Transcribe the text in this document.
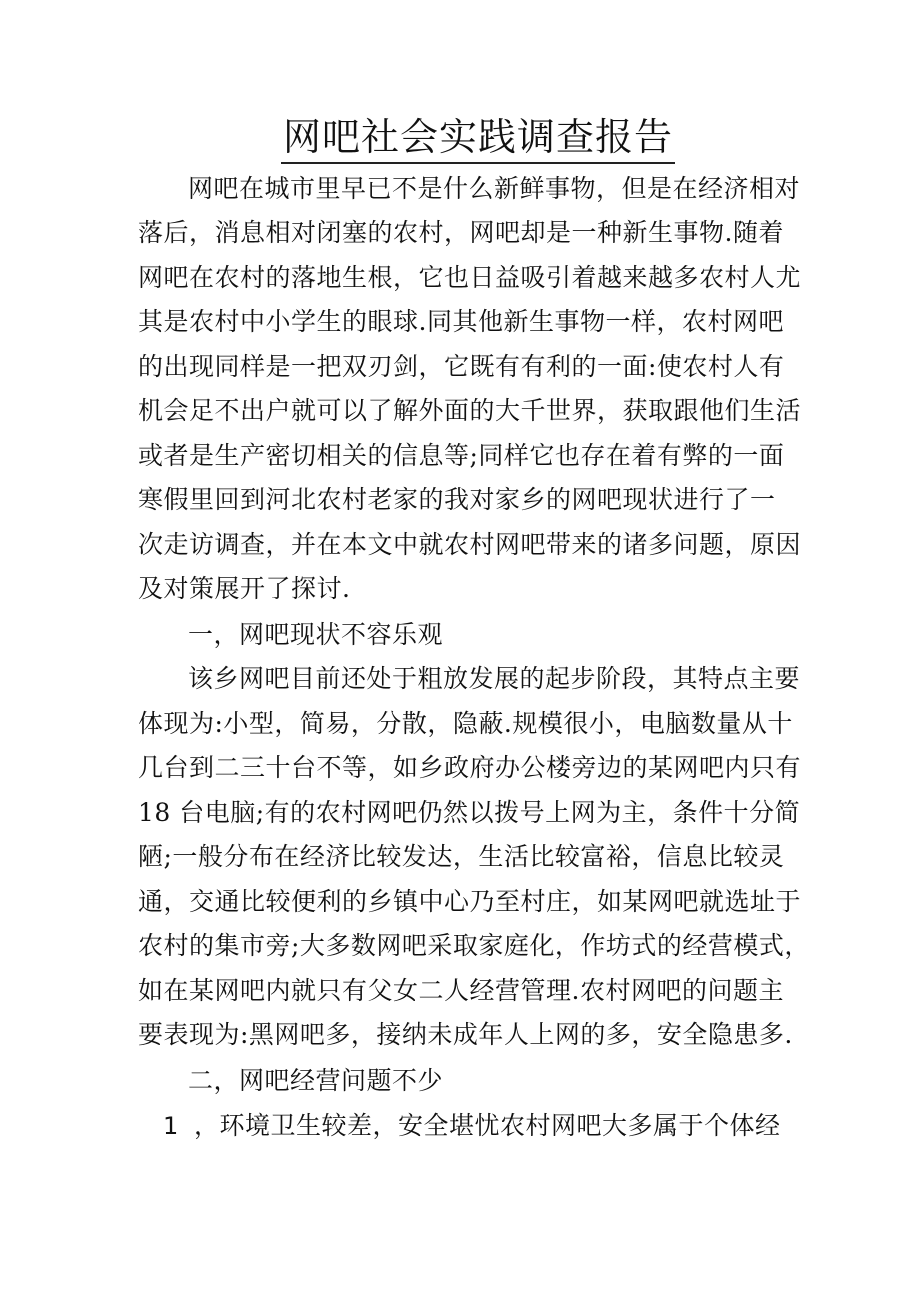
网吧社会实践调查报告
网吧在城市里早已不是什么新鲜事物，但是在经济相对
落后，消息相对闭塞的农村，网吧却是一种新生事物.随着
网吧在农村的落地生根，它也日益吸引着越来越多农村人尤
其是农村中小学生的眼球.同其他新生事物一样，农村网吧
的出现同样是一把双刃剑，它既有有利的一面:使农村人有
机会足不出户就可以了解外面的大千世界，获取跟他们生活
或者是生产密切相关的信息等;同样它也存在着有弊的一面
寒假里回到河北农村老家的我对家乡的网吧现状进行了一
次走访调查，并在本文中就农村网吧带来的诸多问题，原因
及对策展开了探讨.
一，网吧现状不容乐观
该乡网吧目前还处于粗放发展的起步阶段，其特点主要
体现为:小型，简易，分散，隐蔽.规模很小，电脑数量从十
几台到二三十台不等，如乡政府办公楼旁边的某网吧内只有
18 台电脑;有的农村网吧仍然以拨号上网为主，条件十分简
陋;一般分布在经济比较发达，生活比较富裕，信息比较灵
通，交通比较便利的乡镇中心乃至村庄，如某网吧就选址于
农村的集市旁;大多数网吧采取家庭化，作坊式的经营模式，
如在某网吧内就只有父女二人经营管理.农村网吧的问题主
要表现为:黑网吧多，接纳未成年人上网的多，安全隐患多.
二，网吧经营问题不少
1 ，环境卫生较差，安全堪忧农村网吧大多属于个体经
